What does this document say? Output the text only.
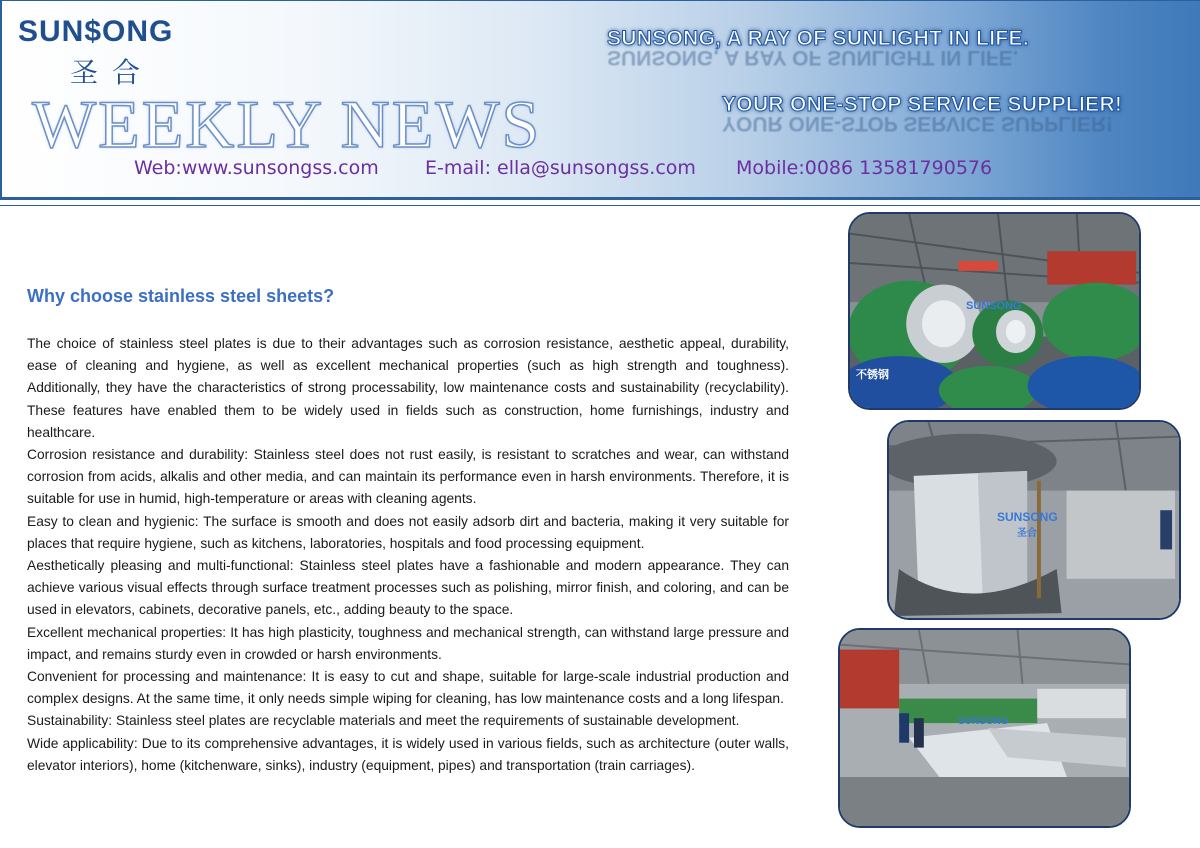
SUN$ONG
圣合
WEEKLY NEWS
SUNSONG, A RAY OF SUNLIGHT IN LIFE.
SUNSONG, A RAY OF SUNLIGHT IN LIFE.
YOUR ONE-STOP SERVICE SUPPLIER!
YOUR ONE-STOP SERVICE SUPPLIER!
Web:www.sunsongss.com E-mail: ella@sunsongss.com Mobile:0086 13581790576
Why choose stainless steel sheets?

The choice of stainless steel plates is due to their advantages such as corrosion resistance, aesthetic appeal, durability, ease of cleaning and hygiene, as well as excellent mechanical properties (such as high strength and toughness). Additionally, they have the characteristics of strong processability, low maintenance costs and sustainability (recyclability). These features have enabled them to be widely used in fields such as construction, home furnishings, industry and healthcare.

Corrosion resistance and durability: Stainless steel does not rust easily, is resistant to scratches and wear, can withstand corrosion from acids, alkalis and other media, and can maintain its performance even in harsh environments. Therefore, it is suitable for use in humid, high-temperature or areas with cleaning agents.

Easy to clean and hygienic: The surface is smooth and does not easily adsorb dirt and bacteria, making it very suitable for places that require hygiene, such as kitchens, laboratories, hospitals and food processing equipment.

Aesthetically pleasing and multi-functional: Stainless steel plates have a fashionable and modern appearance. They can achieve various visual effects through surface treatment processes such as polishing, mirror finish, and coloring, and can be used in elevators, cabinets, decorative panels, etc., adding beauty to the space.

Excellent mechanical properties: It has high plasticity, toughness and mechanical strength, can withstand large pressure and impact, and remains sturdy even in crowded or harsh environments.

Convenient for processing and maintenance: It is easy to cut and shape, suitable for large-scale industrial production and complex designs. At the same time, it only needs simple wiping for cleaning, has low maintenance costs and a long lifespan.

Sustainability: Stainless steel plates are recyclable materials and meet the requirements of sustainable development.

Wide applicability: Due to its comprehensive advantages, it is widely used in various fields, such as architecture (outer walls, elevator interiors), home (kitchenware, sinks), industry (equipment, pipes) and transportation (train carriages).

SUNSONG
不锈钢
SUNSONG
圣合
SUNSONG
